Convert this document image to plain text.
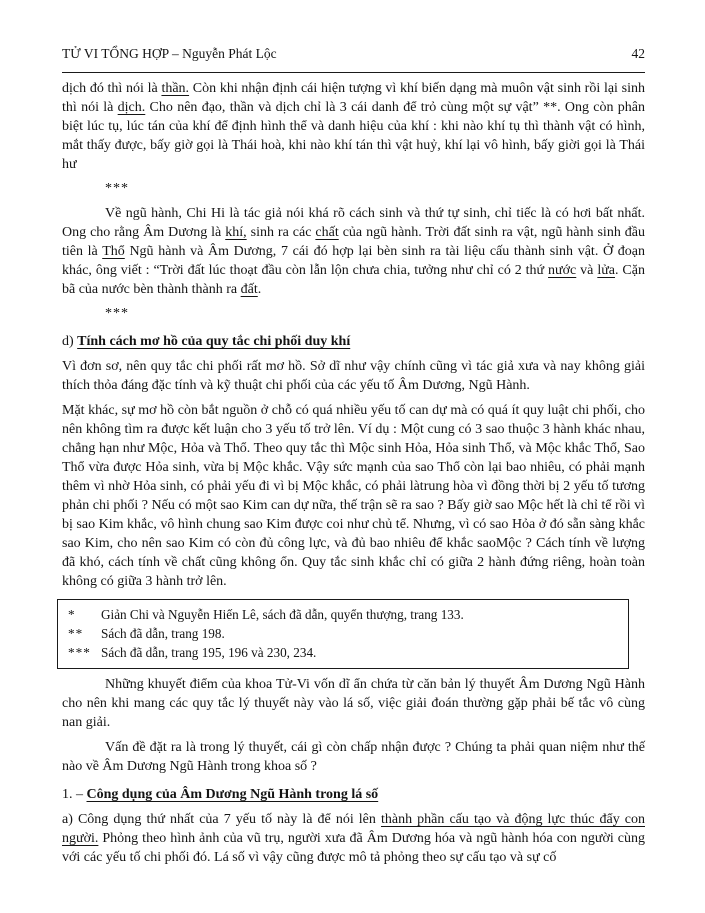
TỬ VI TỔNG HỢP – Nguyễn Phát Lộc	42

dịch đó thì nói là thần. Còn khi nhận định cái hiện tượng vì khí biến dạng mà muôn vật sinh rồi lại sinh thì nói là dịch. Cho nên đạo, thần và dịch chỉ là 3 cái danh để trỏ cùng một sự vật” **. Ong còn phân biệt lúc tụ, lúc tán của khí để định hình thể và danh hiệu của khí : khi nào khí tụ thì thành vật có hình, mắt thấy được, bấy giờ gọi là Thái hoà, khi nào khí tán thì vật huỷ, khí lại vô hình, bấy giời gọi là Thái hư

***

Về ngũ hành, Chi Hi là tác giả nói khá rõ cách sinh và thứ tự sinh, chỉ tiếc là có hơi bất nhất. Ong cho rằng Âm Dương là khí, sinh ra các chất của ngũ hành. Trời đất sinh ra vật, ngũ hành sinh đầu tiên là Thổ Ngũ hành và Âm Dương, 7 cái đó hợp lại bèn sinh ra tài liệu cấu thành sinh vật. Ở đoạn khác, ông viết : “Trời đất lúc thoạt đầu còn lẫn lộn chưa chia, tưởng như chỉ có 2 thứ nước và lửa. Cặn bã của nước bèn thành thành ra đất.

***

d) Tính cách mơ hồ của quy tắc chi phối duy khí

Vì đơn sơ, nên quy tắc chi phối rất mơ hồ. Sở dĩ như vậy chính cũng vì tác giả xưa và nay không giải thích thỏa đáng đặc tính và kỹ thuật chi phối của các yếu tố Âm Dương, Ngũ Hành.

Mặt khác, sự mơ hồ còn bắt nguồn ở chỗ có quá nhiều yếu tố can dự mà có quá ít quy luật chi phối, cho nên không tìm ra được kết luận cho 3 yếu tố trở lên. Ví dụ : Một cung có 3 sao thuộc 3 hành khác nhau, chẳng hạn như Mộc, Hỏa và Thổ. Theo quy tắc thì Mộc sinh Hỏa, Hỏa sinh Thổ, và Mộc khắc Thổ, Sao Thổ vừa được Hỏa sinh, vừa bị Mộc khắc. Vậy sức mạnh của sao Thổ còn lại bao nhiêu, có phải mạnh thêm vì nhờ Hỏa sinh, có phải yếu đi vì bị Mộc khắc, có phải làtrung hòa vì đồng thời bị 2 yếu tố tương phản chi phối ? Nếu có một sao Kim can dự nữa, thế trận sẽ ra sao ? Bấy giờ sao Mộc hết là chỉ tể rồi vì bị sao Kim khắc, vô hình chung sao Kim được coi như chủ tể. Nhưng, vì có sao Hỏa ở đó sẵn sàng khắc sao Kim, cho nên sao Kim có còn đủ công lực, và đủ bao nhiêu để khắc saoMộc ? Cách tính về lượng đã khó, cách tính về chất cũng không ổn. Quy tắc sinh khắc chỉ có giữa 2 hành đứng riêng, hoàn toàn không có giữa 3 hành trở lên.

*	Giản Chi và Nguyễn Hiến Lê, sách đã dẫn, quyển thượng, trang 133.
**	Sách đã dẫn, trang 198.
*** Sách đã dẫn, trang 195, 196 và 230, 234.

Những khuyết điểm của khoa Tử-Vi vốn dĩ ẩn chứa từ căn bản lý thuyết Âm Dương Ngũ Hành cho nên khi mang các quy tắc lý thuyết này vào lá số, việc giải đoán thường gặp phải bế tắc vô cùng nan giải.

Vấn đề đặt ra là trong lý thuyết, cái gì còn chấp nhận được ? Chúng ta phải quan niệm như thế nào về Âm Dương Ngũ Hành trong khoa số ?

1. – Công dụng của Âm Dương Ngũ Hành trong lá số

a) Công dụng thứ nhất của 7 yếu tố này là để nói lên thành phần cấu tạo và động lực thúc đẩy con người. Phỏng theo hình ảnh của vũ trụ, người xưa đã Âm Dương hóa và ngũ hành hóa con người cùng với các yếu tố chi phối đó. Lá số vì vậy cũng được mô tả phỏng theo sự cấu tạo và sự cố
